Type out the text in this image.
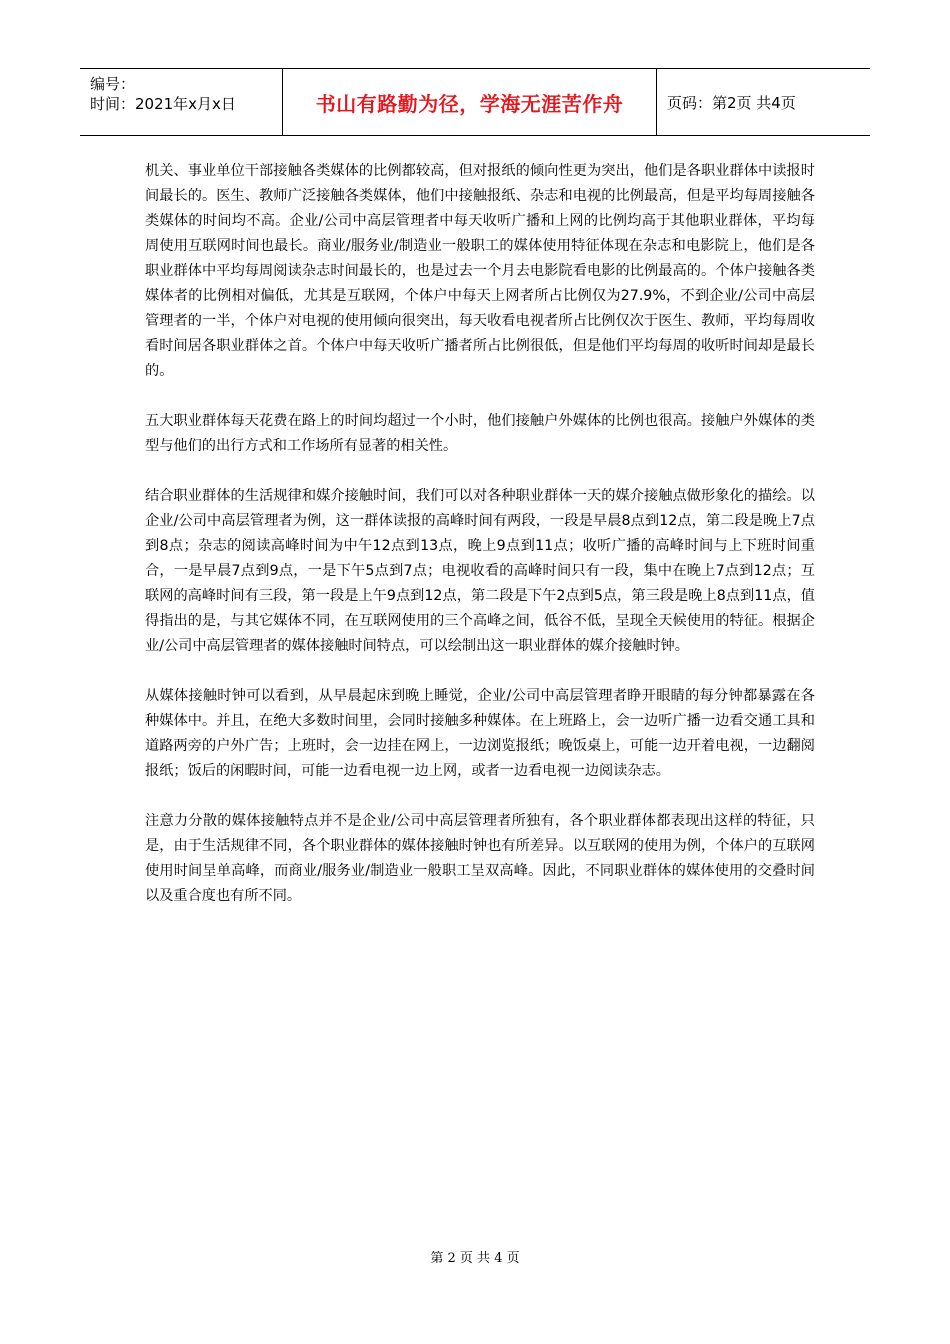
编号：
时间：2021年x月x日	书山有路勤为径，学海无涯苦作舟	页码：第2页 共4页

机关、事业单位干部接触各类媒体的比例都较高，但对报纸的倾向性更为突出，他们是各职业群体中读报时间最长的。医生、教师广泛接触各类媒体，他们中接触报纸、杂志和电视的比例最高，但是平均每周接触各类媒体的时间均不高。企业/公司中高层管理者中每天收听广播和上网的比例均高于其他职业群体，平均每周使用互联网时间也最长。商业/服务业/制造业一般职工的媒体使用特征体现在杂志和电影院上，他们是各职业群体中平均每周阅读杂志时间最长的，也是过去一个月去电影院看电影的比例最高的。个体户接触各类媒体者的比例相对偏低，尤其是互联网，个体户中每天上网者所占比例仅为27.9%，不到企业/公司中高层管理者的一半，个体户对电视的使用倾向很突出，每天收看电视者所占比例仅次于医生、教师，平均每周收看时间居各职业群体之首。个体户中每天收听广播者所占比例很低，但是他们平均每周的收听时间却是最长的。

五大职业群体每天花费在路上的时间均超过一个小时，他们接触户外媒体的比例也很高。接触户外媒体的类型与他们的出行方式和工作场所有显著的相关性。

结合职业群体的生活规律和媒介接触时间，我们可以对各种职业群体一天的媒介接触点做形象化的描绘。以企业/公司中高层管理者为例，这一群体读报的高峰时间有两段，一段是早晨8点到12点，第二段是晚上7点到8点；杂志的阅读高峰时间为中午12点到13点，晚上9点到11点；收听广播的高峰时间与上下班时间重合，一是早晨7点到9点，一是下午5点到7点；电视收看的高峰时间只有一段，集中在晚上7点到12点；互联网的高峰时间有三段，第一段是上午9点到12点，第二段是下午2点到5点，第三段是晚上8点到11点，值得指出的是，与其它媒体不同，在互联网使用的三个高峰之间，低谷不低，呈现全天候使用的特征。根据企业/公司中高层管理者的媒体接触时间特点，可以绘制出这一职业群体的媒介接触时钟。

从媒体接触时钟可以看到，从早晨起床到晚上睡觉，企业/公司中高层管理者睁开眼睛的每分钟都暴露在各种媒体中。并且，在绝大多数时间里，会同时接触多种媒体。在上班路上，会一边听广播一边看交通工具和道路两旁的户外广告；上班时，会一边挂在网上，一边浏览报纸；晚饭桌上，可能一边开着电视，一边翻阅报纸；饭后的闲暇时间，可能一边看电视一边上网，或者一边看电视一边阅读杂志。

注意力分散的媒体接触特点并不是企业/公司中高层管理者所独有，各个职业群体都表现出这样的特征，只是，由于生活规律不同，各个职业群体的媒体接触时钟也有所差异。以互联网的使用为例，个体户的互联网使用时间呈单高峰，而商业/服务业/制造业一般职工呈双高峰。因此，不同职业群体的媒体使用的交叠时间以及重合度也有所不同。

第 2 页 共 4 页
